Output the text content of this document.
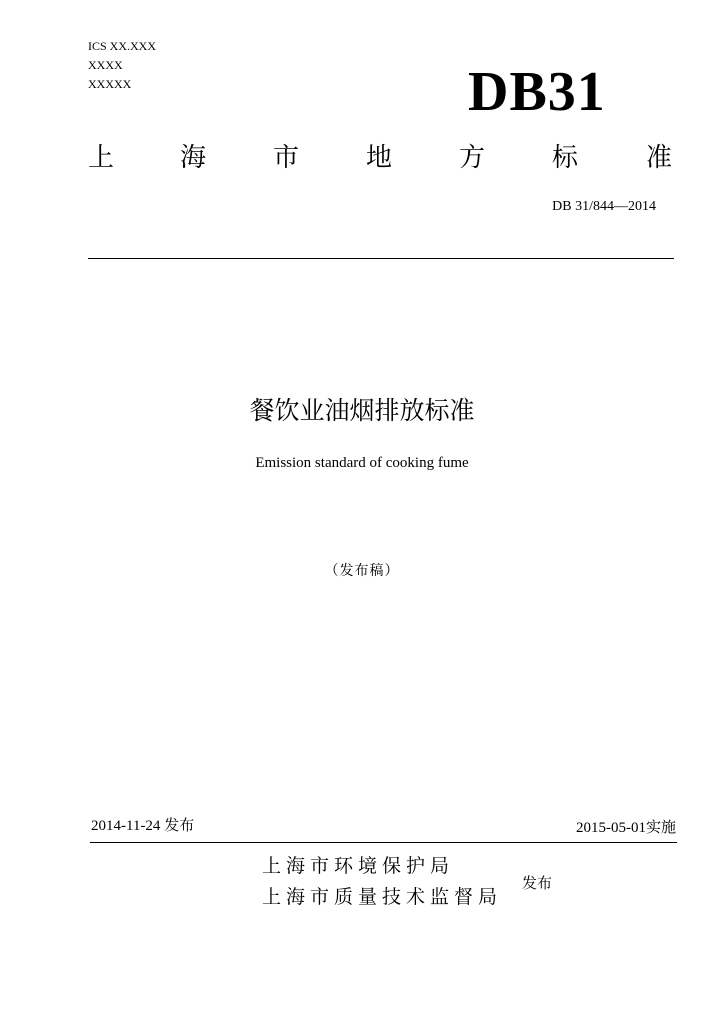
ICS XX.XXX
XXXX
XXXXX	DB31
上	海	市	地	方	标	准
DB 31/844—2014
餐饮业油烟排放标准
Emission standard of cooking fume
（发布稿）
2014-11-24 发布	2015-05-01实施
上海市环境保护局
上海市质量技术监督局
发布
